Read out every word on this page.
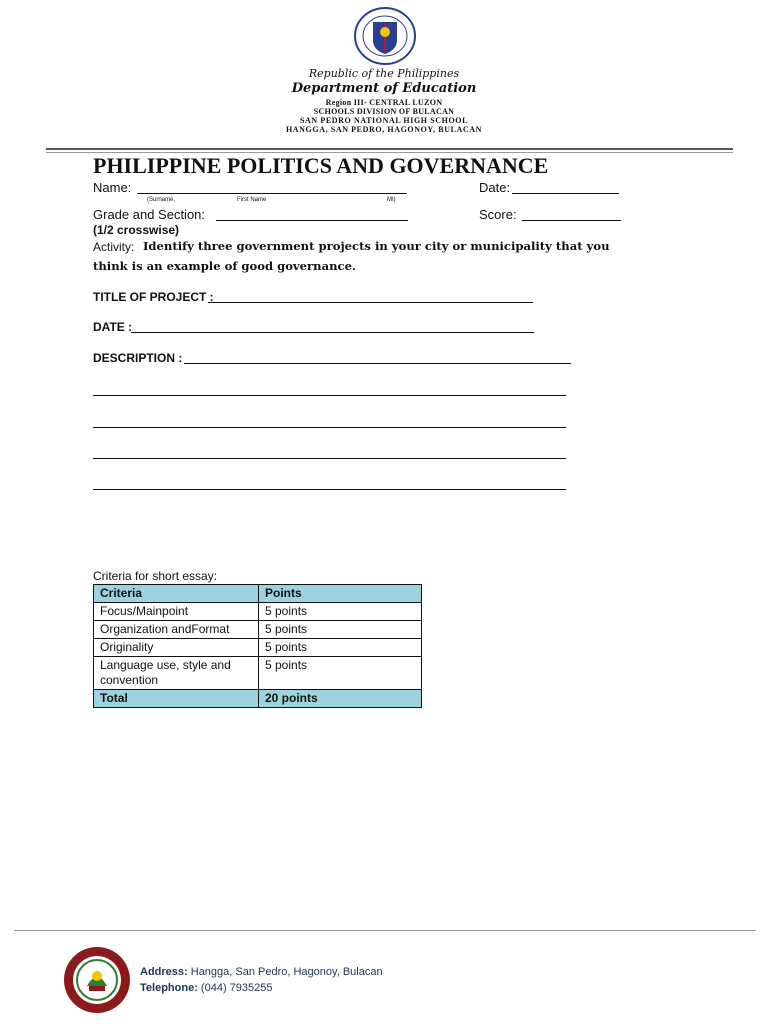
Republic of the Philippines
Department of Education
Region III- CENTRAL LUZON
SCHOOLS DIVISION OF BULACAN
SAN PEDRO NATIONAL HIGH SCHOOL
HANGGA, SAN PEDRO, HAGONOY, BULACAN
PHILIPPINE POLITICS AND GOVERNANCE
Name:
(Surname,	First Name	MI)
Date:
Grade and Section:	Score:
(1/2 crosswise)
Activity: Identify three government projects in your city or municipality that you
think is an example of good governance.
TITLE OF PROJECT :
DATE :
DESCRIPTION :
Criteria for short essay:
Criteria	Points
Focus/Mainpoint	5 points
Organization andFormat	5 points
Originality	5 points
Language use, style and convention	5 points
Total	20 points
Address: Hangga, San Pedro, Hagonoy, Bulacan
Telephone: (044) 7935255
